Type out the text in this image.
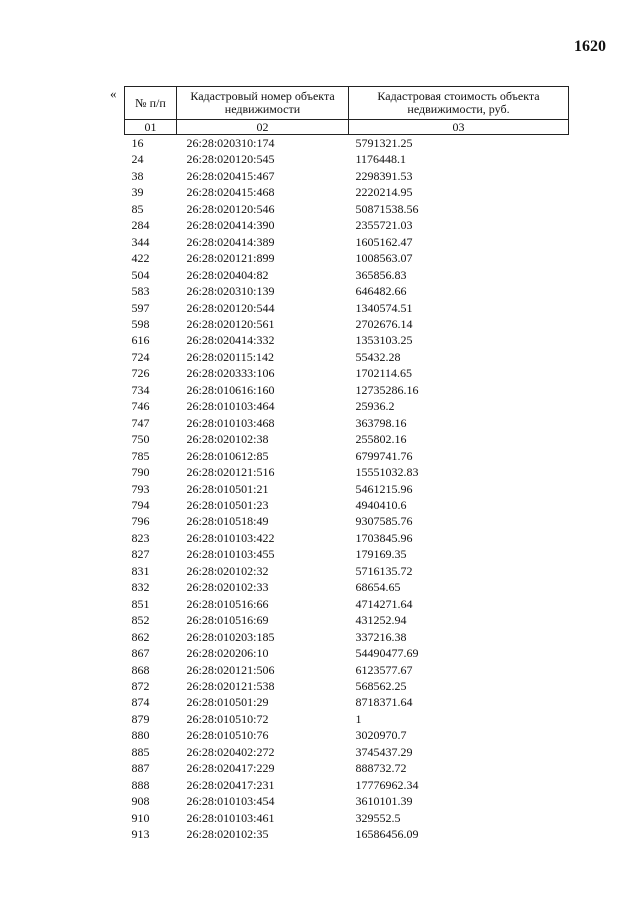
1620
«
№ п/п	Кадастровый номер объекта недвижимости	Кадастровая стоимость объекта недвижимости, руб.
01	02	03
16	26:28:020310:174	5791321.25
24	26:28:020120:545	1176448.1
38	26:28:020415:467	2298391.53
39	26:28:020415:468	2220214.95
85	26:28:020120:546	50871538.56
284	26:28:020414:390	2355721.03
344	26:28:020414:389	1605162.47
422	26:28:020121:899	1008563.07
504	26:28:020404:82	365856.83
583	26:28:020310:139	646482.66
597	26:28:020120:544	1340574.51
598	26:28:020120:561	2702676.14
616	26:28:020414:332	1353103.25
724	26:28:020115:142	55432.28
726	26:28:020333:106	1702114.65
734	26:28:010616:160	12735286.16
746	26:28:010103:464	25936.2
747	26:28:010103:468	363798.16
750	26:28:020102:38	255802.16
785	26:28:010612:85	6799741.76
790	26:28:020121:516	15551032.83
793	26:28:010501:21	5461215.96
794	26:28:010501:23	4940410.6
796	26:28:010518:49	9307585.76
823	26:28:010103:422	1703845.96
827	26:28:010103:455	179169.35
831	26:28:020102:32	5716135.72
832	26:28:020102:33	68654.65
851	26:28:010516:66	4714271.64
852	26:28:010516:69	431252.94
862	26:28:010203:185	337216.38
867	26:28:020206:10	54490477.69
868	26:28:020121:506	6123577.67
872	26:28:020121:538	568562.25
874	26:28:010501:29	8718371.64
879	26:28:010510:72	1
880	26:28:010510:76	3020970.7
885	26:28:020402:272	3745437.29
887	26:28:020417:229	888732.72
888	26:28:020417:231	17776962.34
908	26:28:010103:454	3610101.39
910	26:28:010103:461	329552.5
913	26:28:020102:35	16586456.09
